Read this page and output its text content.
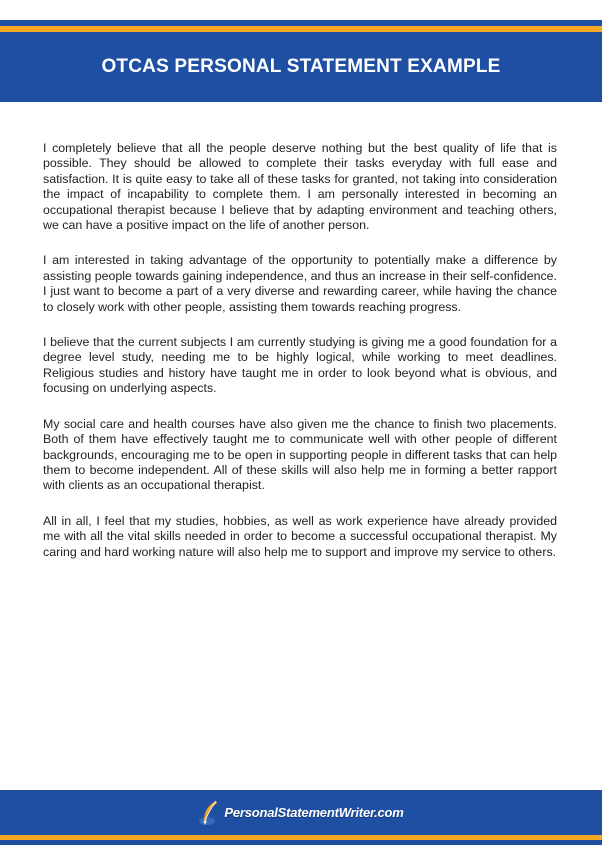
OTCAS PERSONAL STATEMENT EXAMPLE

I completely believe that all the people deserve nothing but the best quality of life that is possible. They should be allowed to complete their tasks everyday with full ease and satisfaction. It is quite easy to take all of these tasks for granted, not taking into consideration the impact of incapability to complete them. I am personally interested in becoming an occupational therapist because I believe that by adapting environment and teaching others, we can have a positive impact on the life of another person.

I am interested in taking advantage of the opportunity to potentially make a difference by assisting people towards gaining independence, and thus an increase in their self-confidence. I just want to become a part of a very diverse and rewarding career, while having the chance to closely work with other people, assisting them towards reaching progress.

I believe that the current subjects I am currently studying is giving me a good foundation for a degree level study, needing me to be highly logical, while working to meet deadlines. Religious studies and history have taught me in order to look beyond what is obvious, and focusing on underlying aspects.

My social care and health courses have also given me the chance to finish two placements. Both of them have effectively taught me to communicate well with other people of different backgrounds, encouraging me to be open in supporting people in different tasks that can help them to become independent. All of these skills will also help me in forming a better rapport with clients as an occupational therapist.

All in all, I feel that my studies, hobbies, as well as work experience have already provided me with all the vital skills needed in order to become a successful occupational therapist. My caring and hard working nature will also help me to support and improve my service to others.

PersonalStatementWriter.com
